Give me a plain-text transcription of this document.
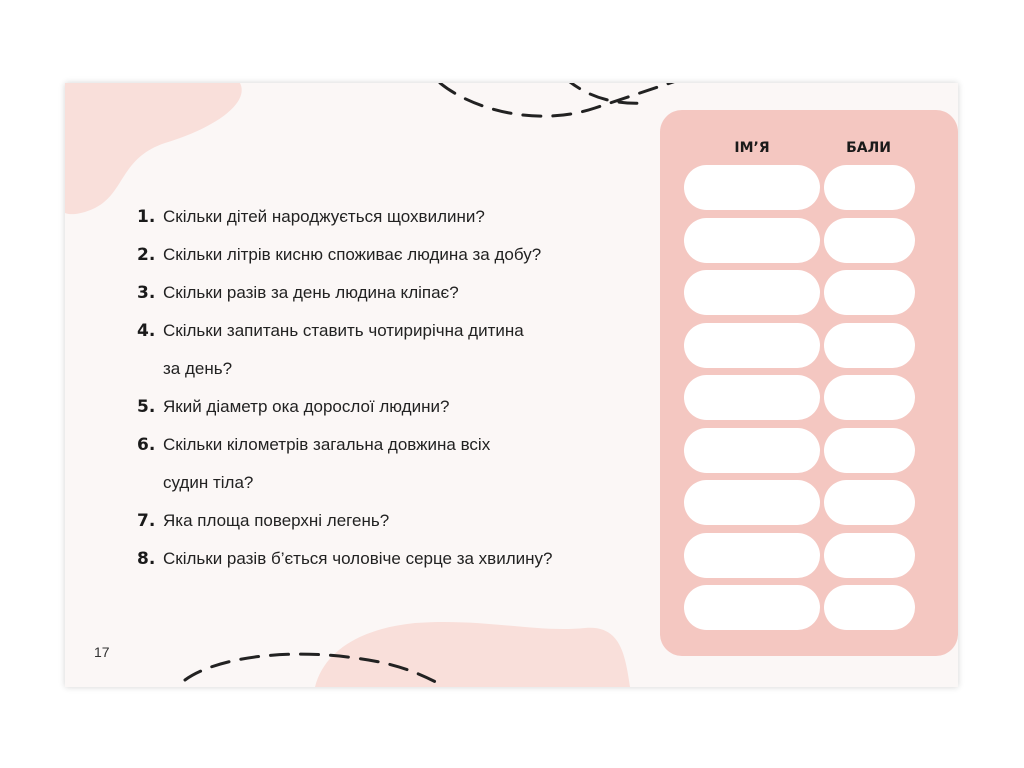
1. Скільки дітей народжується щохвилини?
2. Скільки літрів кисню споживає людина за добу?
3. Скільки разів за день людина кліпає?
4. Скільки запитань ставить чотирирічна дитина
за день?
5. Який діаметр ока дорослої людини?
6. Скільки кілометрів загальна довжина всіх
судин тіла?
7. Яка площа поверхні легень?
8. Скільки разів б’ється чоловіче серце за хвилину?
17
ІМ’Я	БАЛИ
